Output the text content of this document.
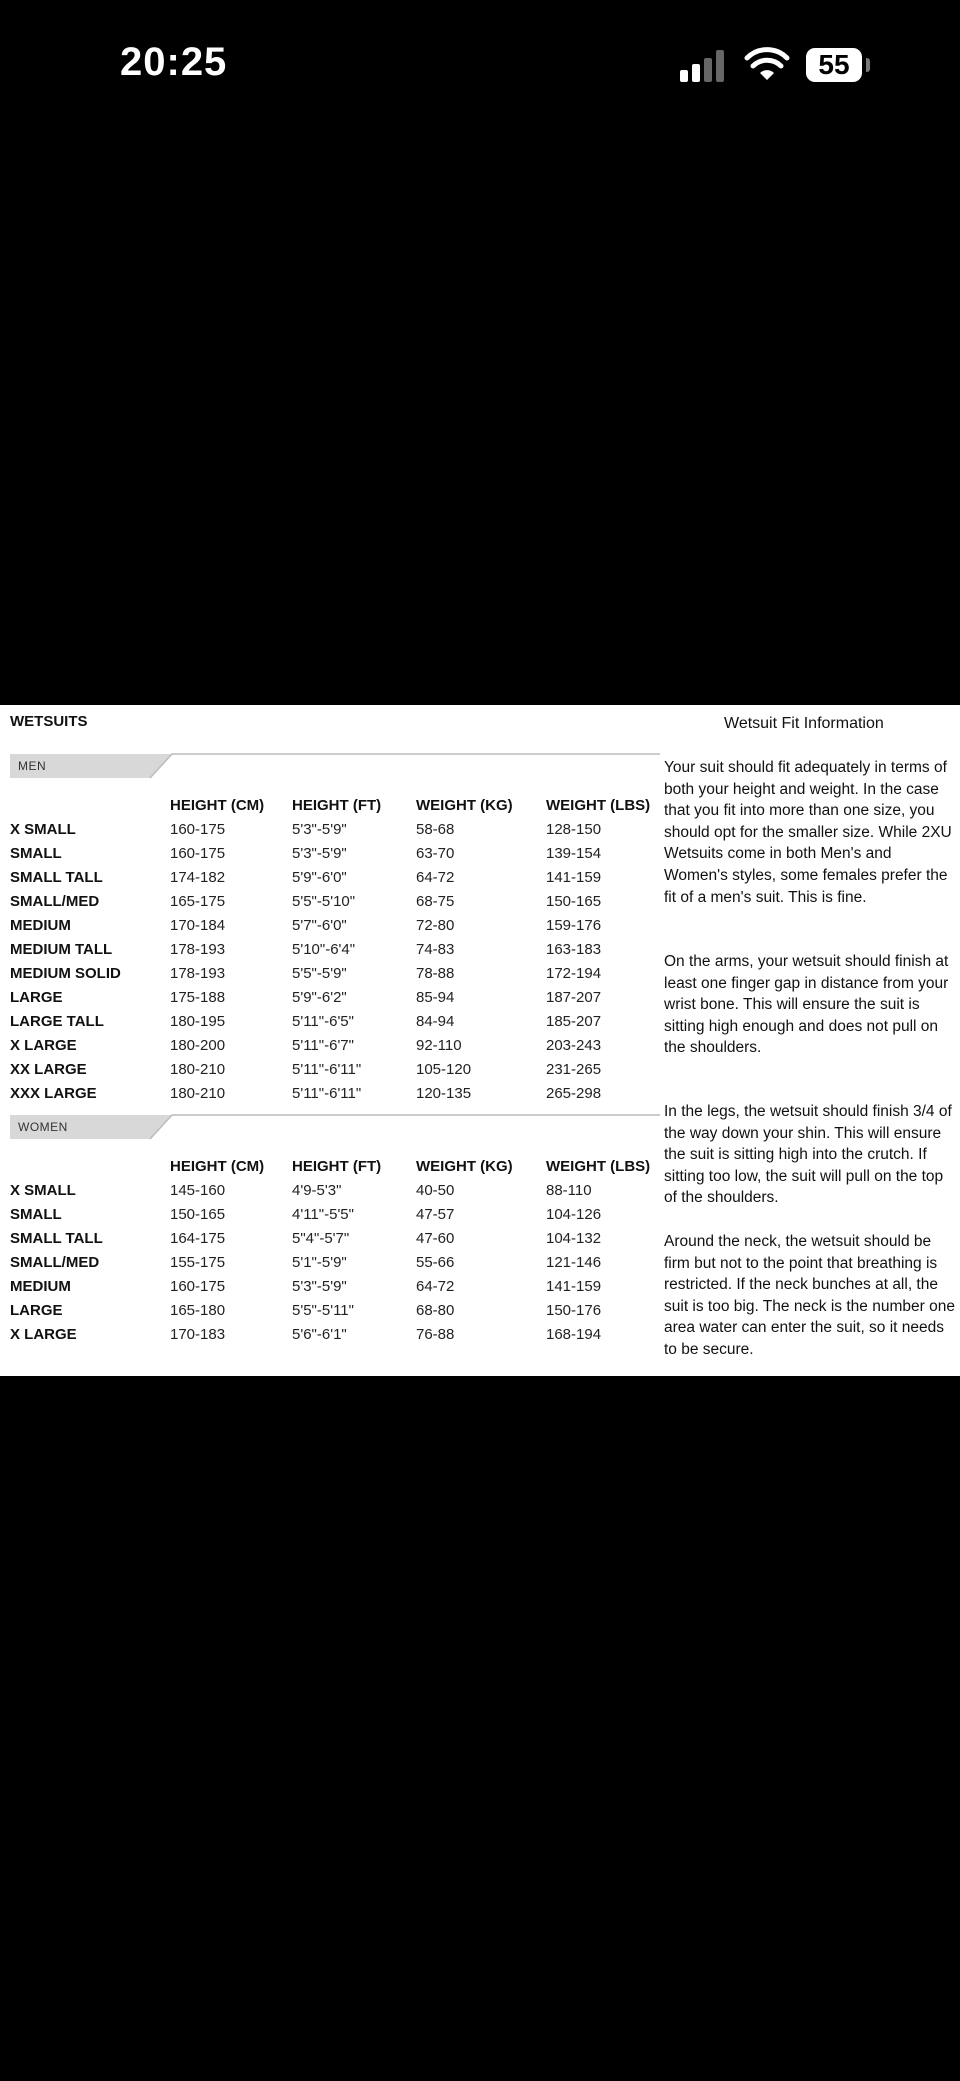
20:25	55
WETSUITS
MEN
	HEIGHT (CM)	HEIGHT (FT)	WEIGHT (KG)	WEIGHT (LBS)
X SMALL	160-175	5'3"-5'9"	58-68	128-150
SMALL	160-175	5'3"-5'9"	63-70	139-154
SMALL TALL	174-182	5'9"-6'0"	64-72	141-159
SMALL/MED	165-175	5'5"-5'10"	68-75	150-165
MEDIUM	170-184	5'7"-6'0"	72-80	159-176
MEDIUM TALL	178-193	5'10"-6'4"	74-83	163-183
MEDIUM SOLID	178-193	5'5"-5'9"	78-88	172-194
LARGE	175-188	5'9"-6'2"	85-94	187-207
LARGE TALL	180-195	5'11"-6'5"	84-94	185-207
X LARGE	180-200	5'11"-6'7"	92-110	203-243
XX LARGE	180-210	5'11"-6'11"	105-120	231-265
XXX LARGE	180-210	5'11"-6'11"	120-135	265-298
WOMEN
	HEIGHT (CM)	HEIGHT (FT)	WEIGHT (KG)	WEIGHT (LBS)
X SMALL	145-160	4'9-5'3"	40-50	88-110
SMALL	150-165	4'11"-5'5"	47-57	104-126
SMALL TALL	164-175	5"4"-5'7"	47-60	104-132
SMALL/MED	155-175	5'1"-5'9"	55-66	121-146
MEDIUM	160-175	5'3"-5'9"	64-72	141-159
LARGE	165-180	5'5"-5'11"	68-80	150-176
X LARGE	170-183	5'6"-6'1"	76-88	168-194
Wetsuit Fit Information
Your suit should fit adequately in terms of both your height and weight. In the case that you fit into more than one size, you should opt for the smaller size. While 2XU Wetsuits come in both Men's and Women's styles, some females prefer the fit of a men's suit. This is fine.
On the arms, your wetsuit should finish at least one finger gap in distance from your wrist bone. This will ensure the suit is sitting high enough and does not pull on the shoulders.
In the legs, the wetsuit should finish 3/4 of the way down your shin. This will ensure the suit is sitting high into the crutch. If sitting too low, the suit will pull on the top of the shoulders.
Around the neck, the wetsuit should be firm but not to the point that breathing is restricted. If the neck bunches at all, the suit is too big. The neck is the number one area water can enter the suit, so it needs to be secure.
